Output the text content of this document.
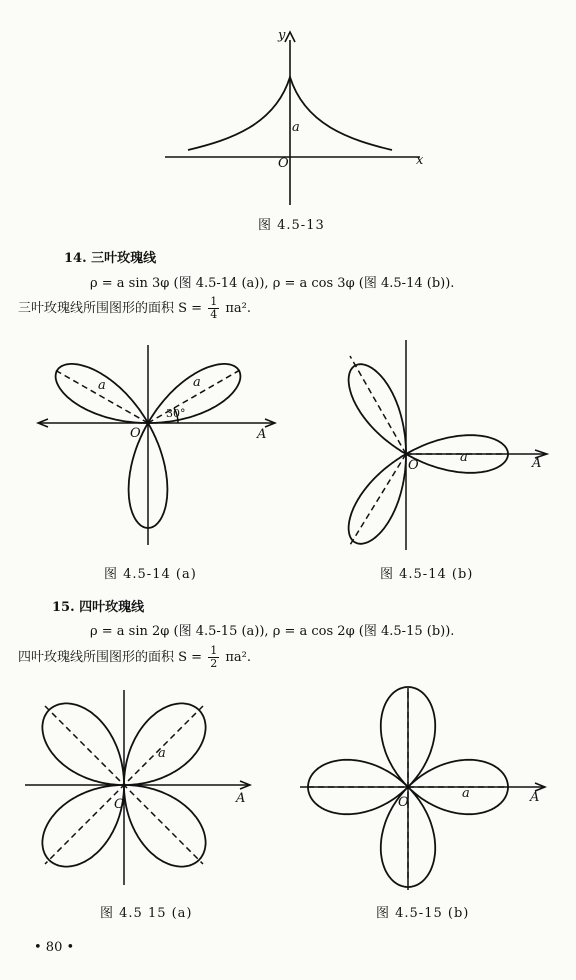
y
x
O
a
图 4.5-13
14. 三叶玫瑰线
ρ = a sin 3φ (图 4.5-14 (a)), ρ = a cos 3φ (图 4.5-14 (b)).
三叶玫瑰线所围图形的面积 $S = \frac{1}{4} \pi a^2$.
a	a
30°
O	A
a
O	A
图 4.5-14 (a)	图 4.5-14 (b)
15. 四叶玫瑰线
ρ = a sin 2φ (图 4.5-15 (a)), ρ = a cos 2φ (图 4.5-15 (b)).
四叶玫瑰线所围图形的面积 $S = \frac{1}{2} \pi a^2$.
a
O	A	a
O	A
图 4.5 15 (a)	图 4.5-15 (b)
• 80 •
